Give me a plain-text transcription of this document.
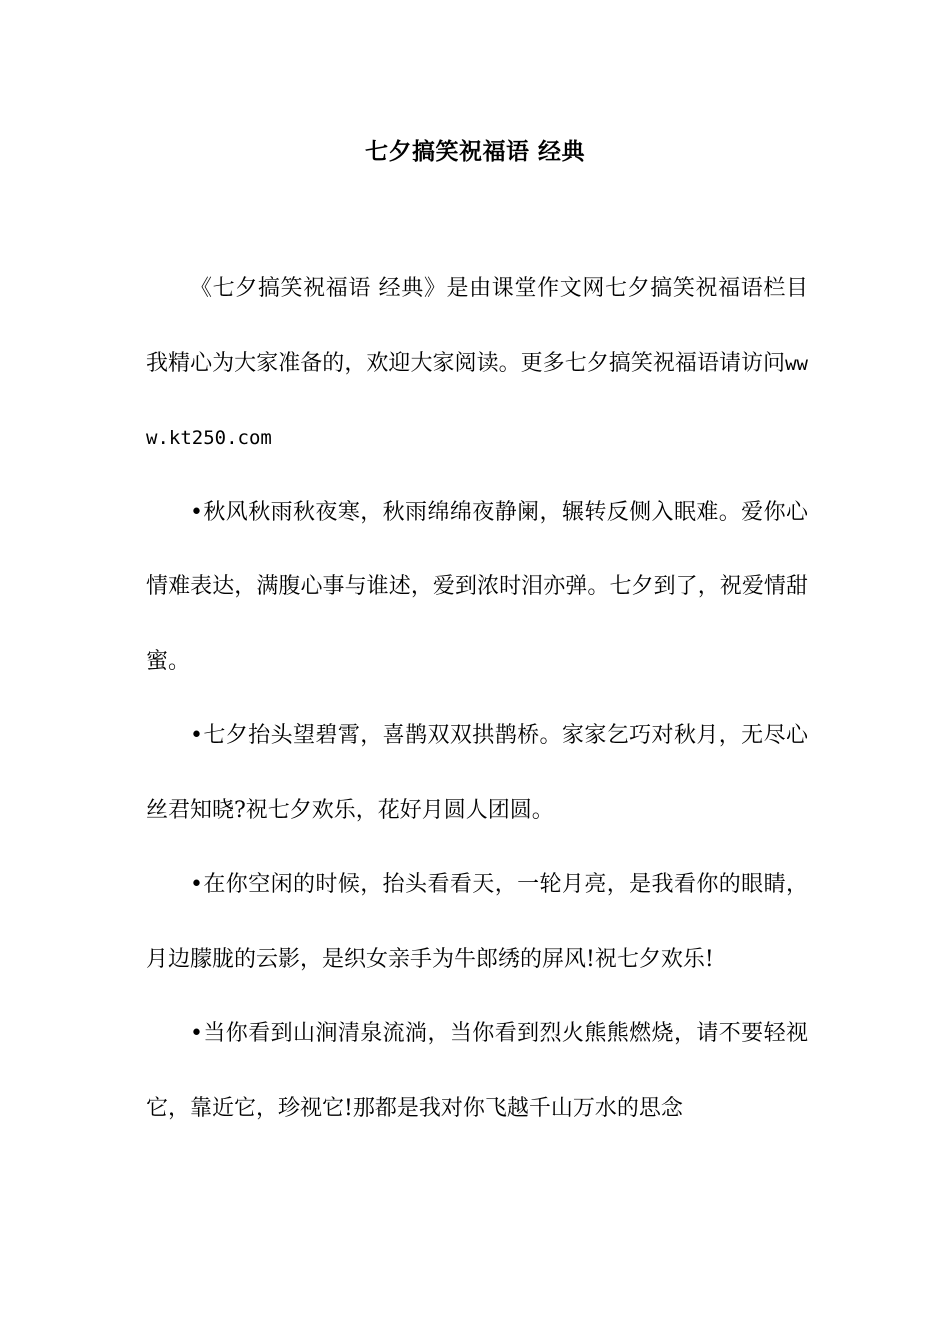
七夕搞笑祝福语 经典

《七夕搞笑祝福语 经典》是由课堂作文网七夕搞笑祝福语栏目我精心为大家准备的，欢迎大家阅读。更多七夕搞笑祝福语请访问www.kt250.com

•秋风秋雨秋夜寒，秋雨绵绵夜静阑，辗转反侧入眠难。爱你心情难表达，满腹心事与谁述，爱到浓时泪亦弹。七夕到了，祝爱情甜蜜。

•七夕抬头望碧霄，喜鹊双双拱鹊桥。家家乞巧对秋月，无尽心丝君知晓?祝七夕欢乐，花好月圆人团圆。

•在你空闲的时候，抬头看看天，一轮月亮，是我看你的眼睛，月边朦胧的云影，是织女亲手为牛郎绣的屏风!祝七夕欢乐!

•当你看到山涧清泉流淌，当你看到烈火熊熊燃烧，请不要轻视它，靠近它，珍视它!那都是我对你飞越千山万水的思念
